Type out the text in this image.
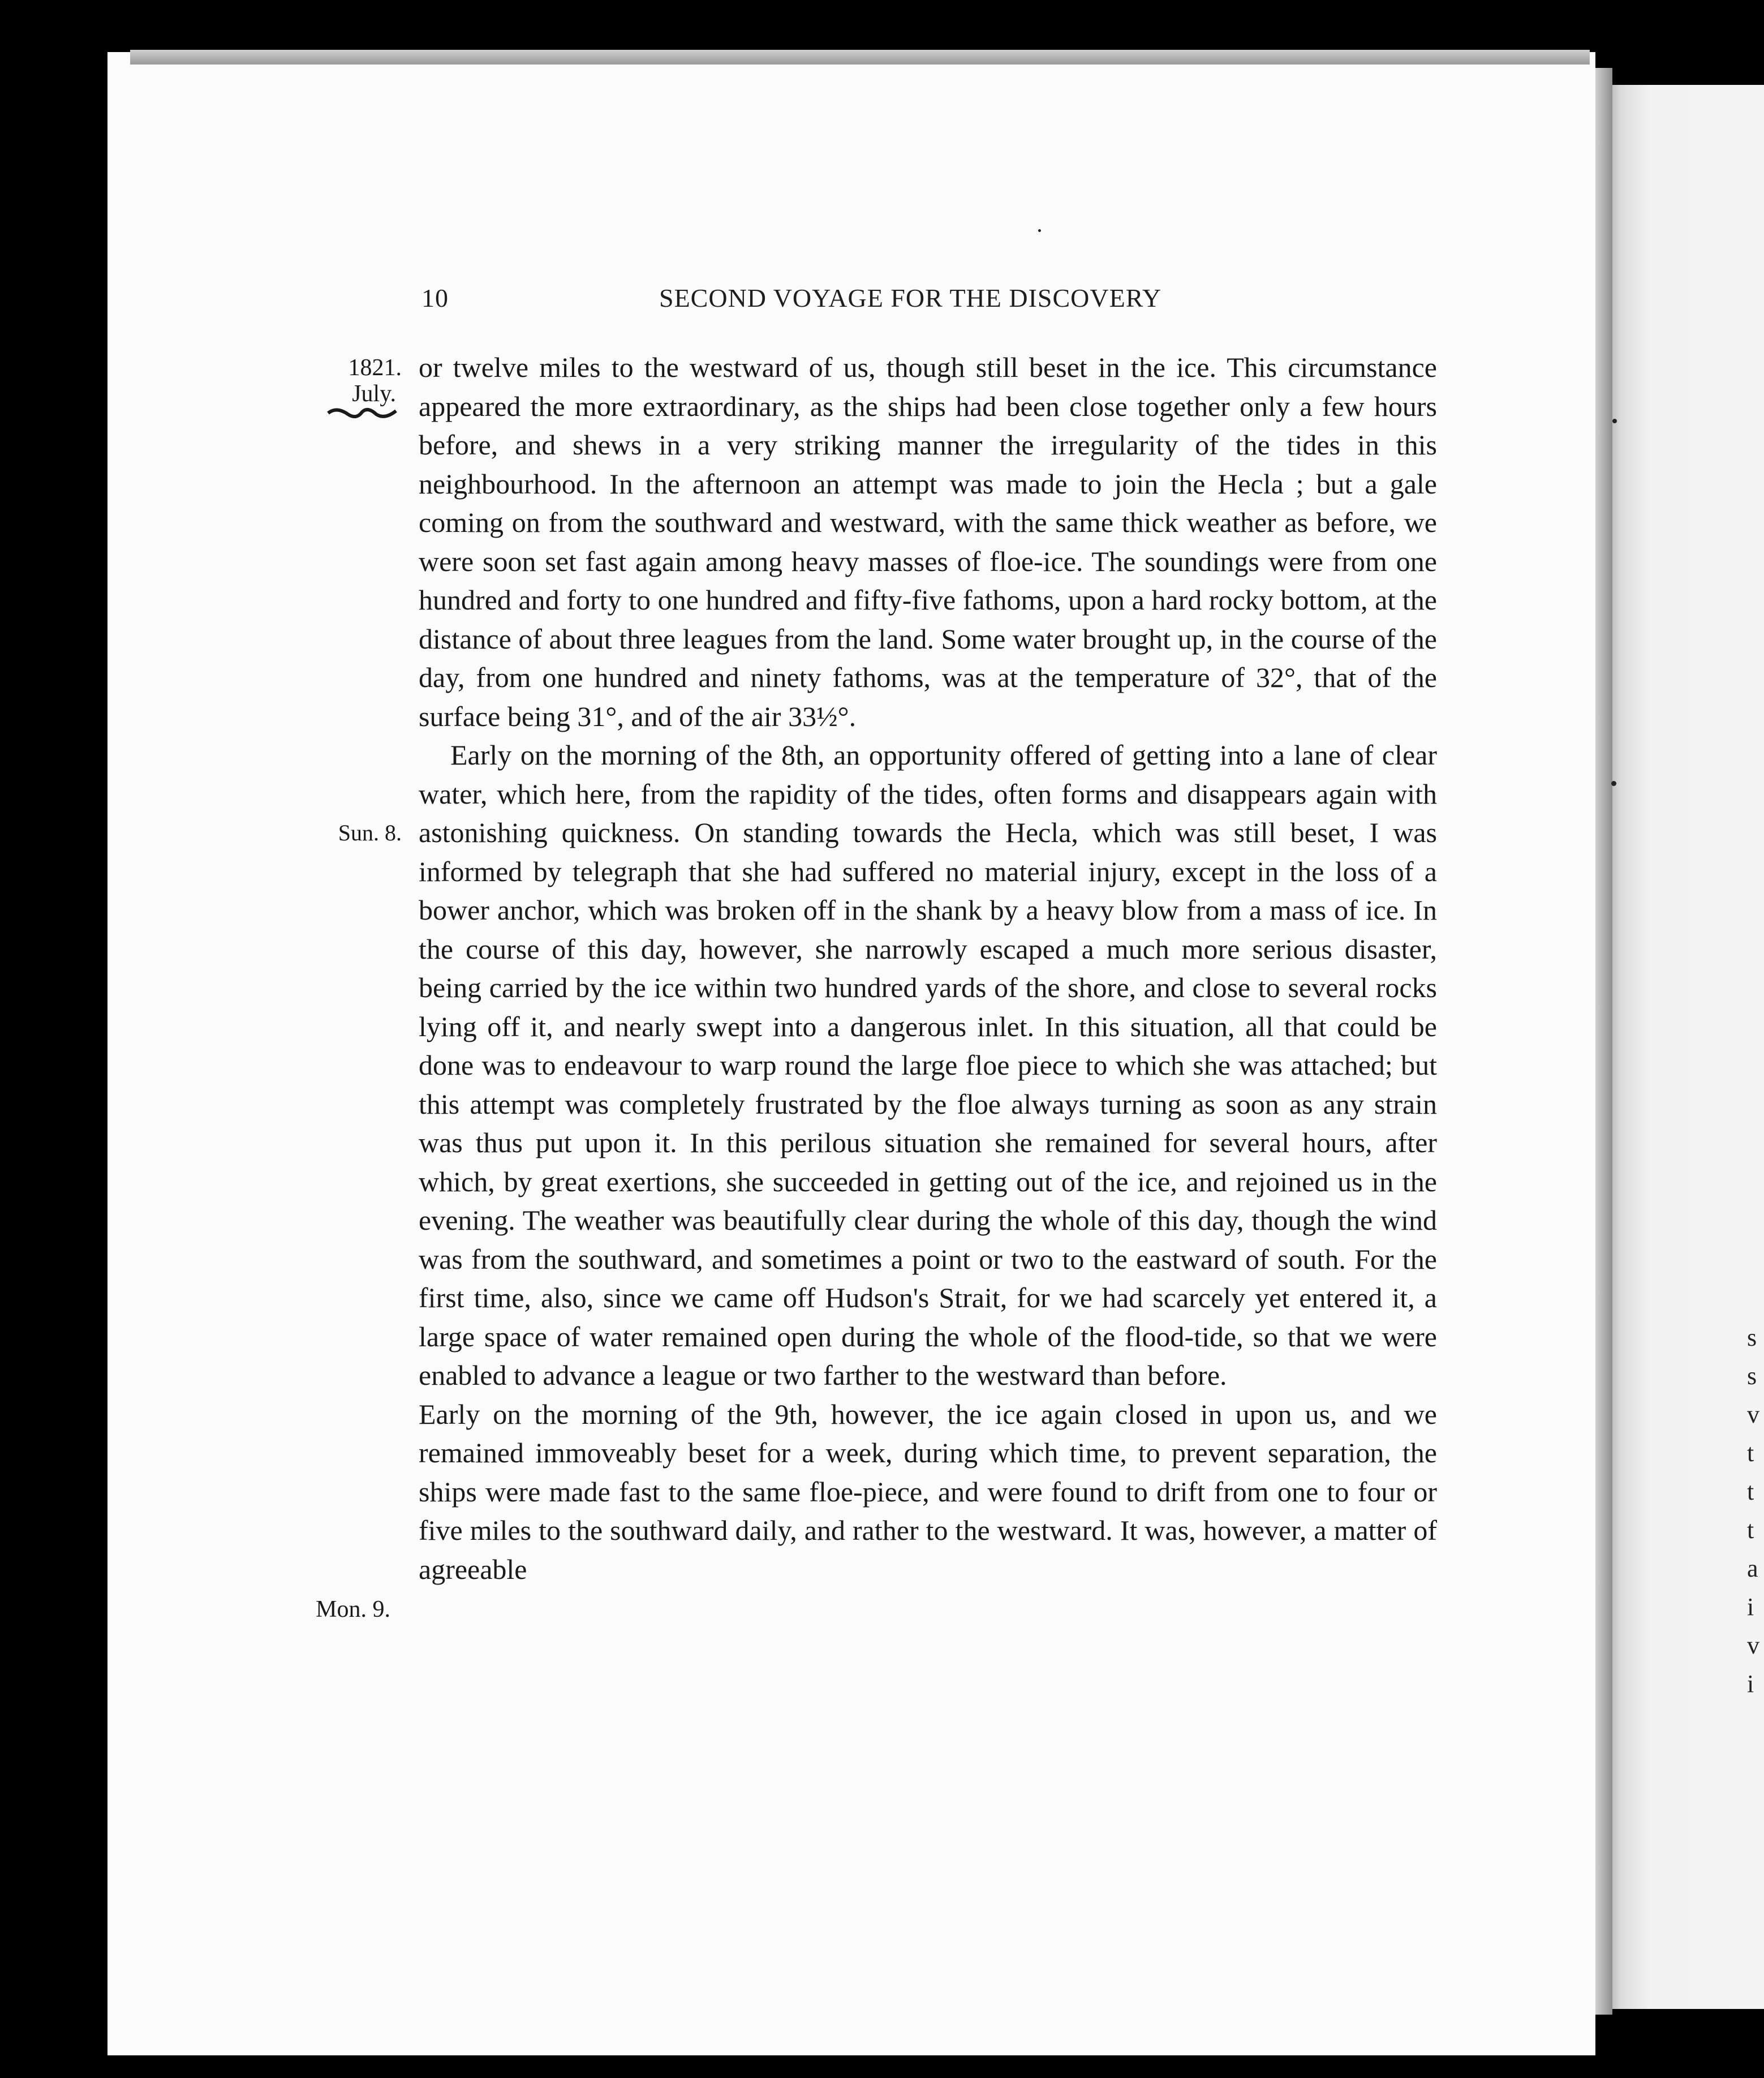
s
s
v
t
t
t
a
i
v
i
10	SECOND VOYAGE FOR THE DISCOVERY
1821.
July.
Sun. 8.
Mon. 9.

or twelve miles to the westward of us, though still beset in the ice. This circumstance appeared the more extraordinary, as the ships had been close together only a few hours before, and shews in a very striking manner the irregularity of the tides in this neighbourhood. In the afternoon an attempt was made to join the Hecla ; but a gale coming on from the southward and westward, with the same thick weather as before, we were soon set fast again among heavy masses of floe-ice. The soundings were from one hundred and forty to one hundred and fifty-five fathoms, upon a hard rocky bottom, at the distance of about three leagues from the land. Some water brought up, in the course of the day, from one hundred and ninety fathoms, was at the temperature of 32°, that of the surface being 31°, and of the air 33½°.

Early on the morning of the 8th, an opportunity offered of getting into a lane of clear water, which here, from the rapidity of the tides, often forms and disappears again with astonishing quickness. On standing towards the Hecla, which was still beset, I was informed by telegraph that she had suffered no material injury, except in the loss of a bower anchor, which was broken off in the shank by a heavy blow from a mass of ice. In the course of this day, however, she narrowly escaped a much more serious disaster, being carried by the ice within two hundred yards of the shore, and close to several rocks lying off it, and nearly swept into a dangerous inlet. In this situation, all that could be done was to endeavour to warp round the large floe piece to which she was attached; but this attempt was completely frustrated by the floe always turning as soon as any strain was thus put upon it. In this perilous situation she remained for several hours, after which, by great exertions, she succeeded in getting out of the ice, and rejoined us in the evening. The weather was beautifully clear during the whole of this day, though the wind was from the southward, and sometimes a point or two to the eastward of south. For the first time, also, since we came off Hudson's Strait, for we had scarcely yet entered it, a large space of water remained open during the whole of the flood-tide, so that we were enabled to advance a league or two farther to the westward than before.

Early on the morning of the 9th, however, the ice again closed in upon us, and we remained immoveably beset for a week, during which time, to prevent separation, the ships were made fast to the same floe-piece, and were found to drift from one to four or five miles to the southward daily, and rather to the westward. It was, however, a matter of agreeable
